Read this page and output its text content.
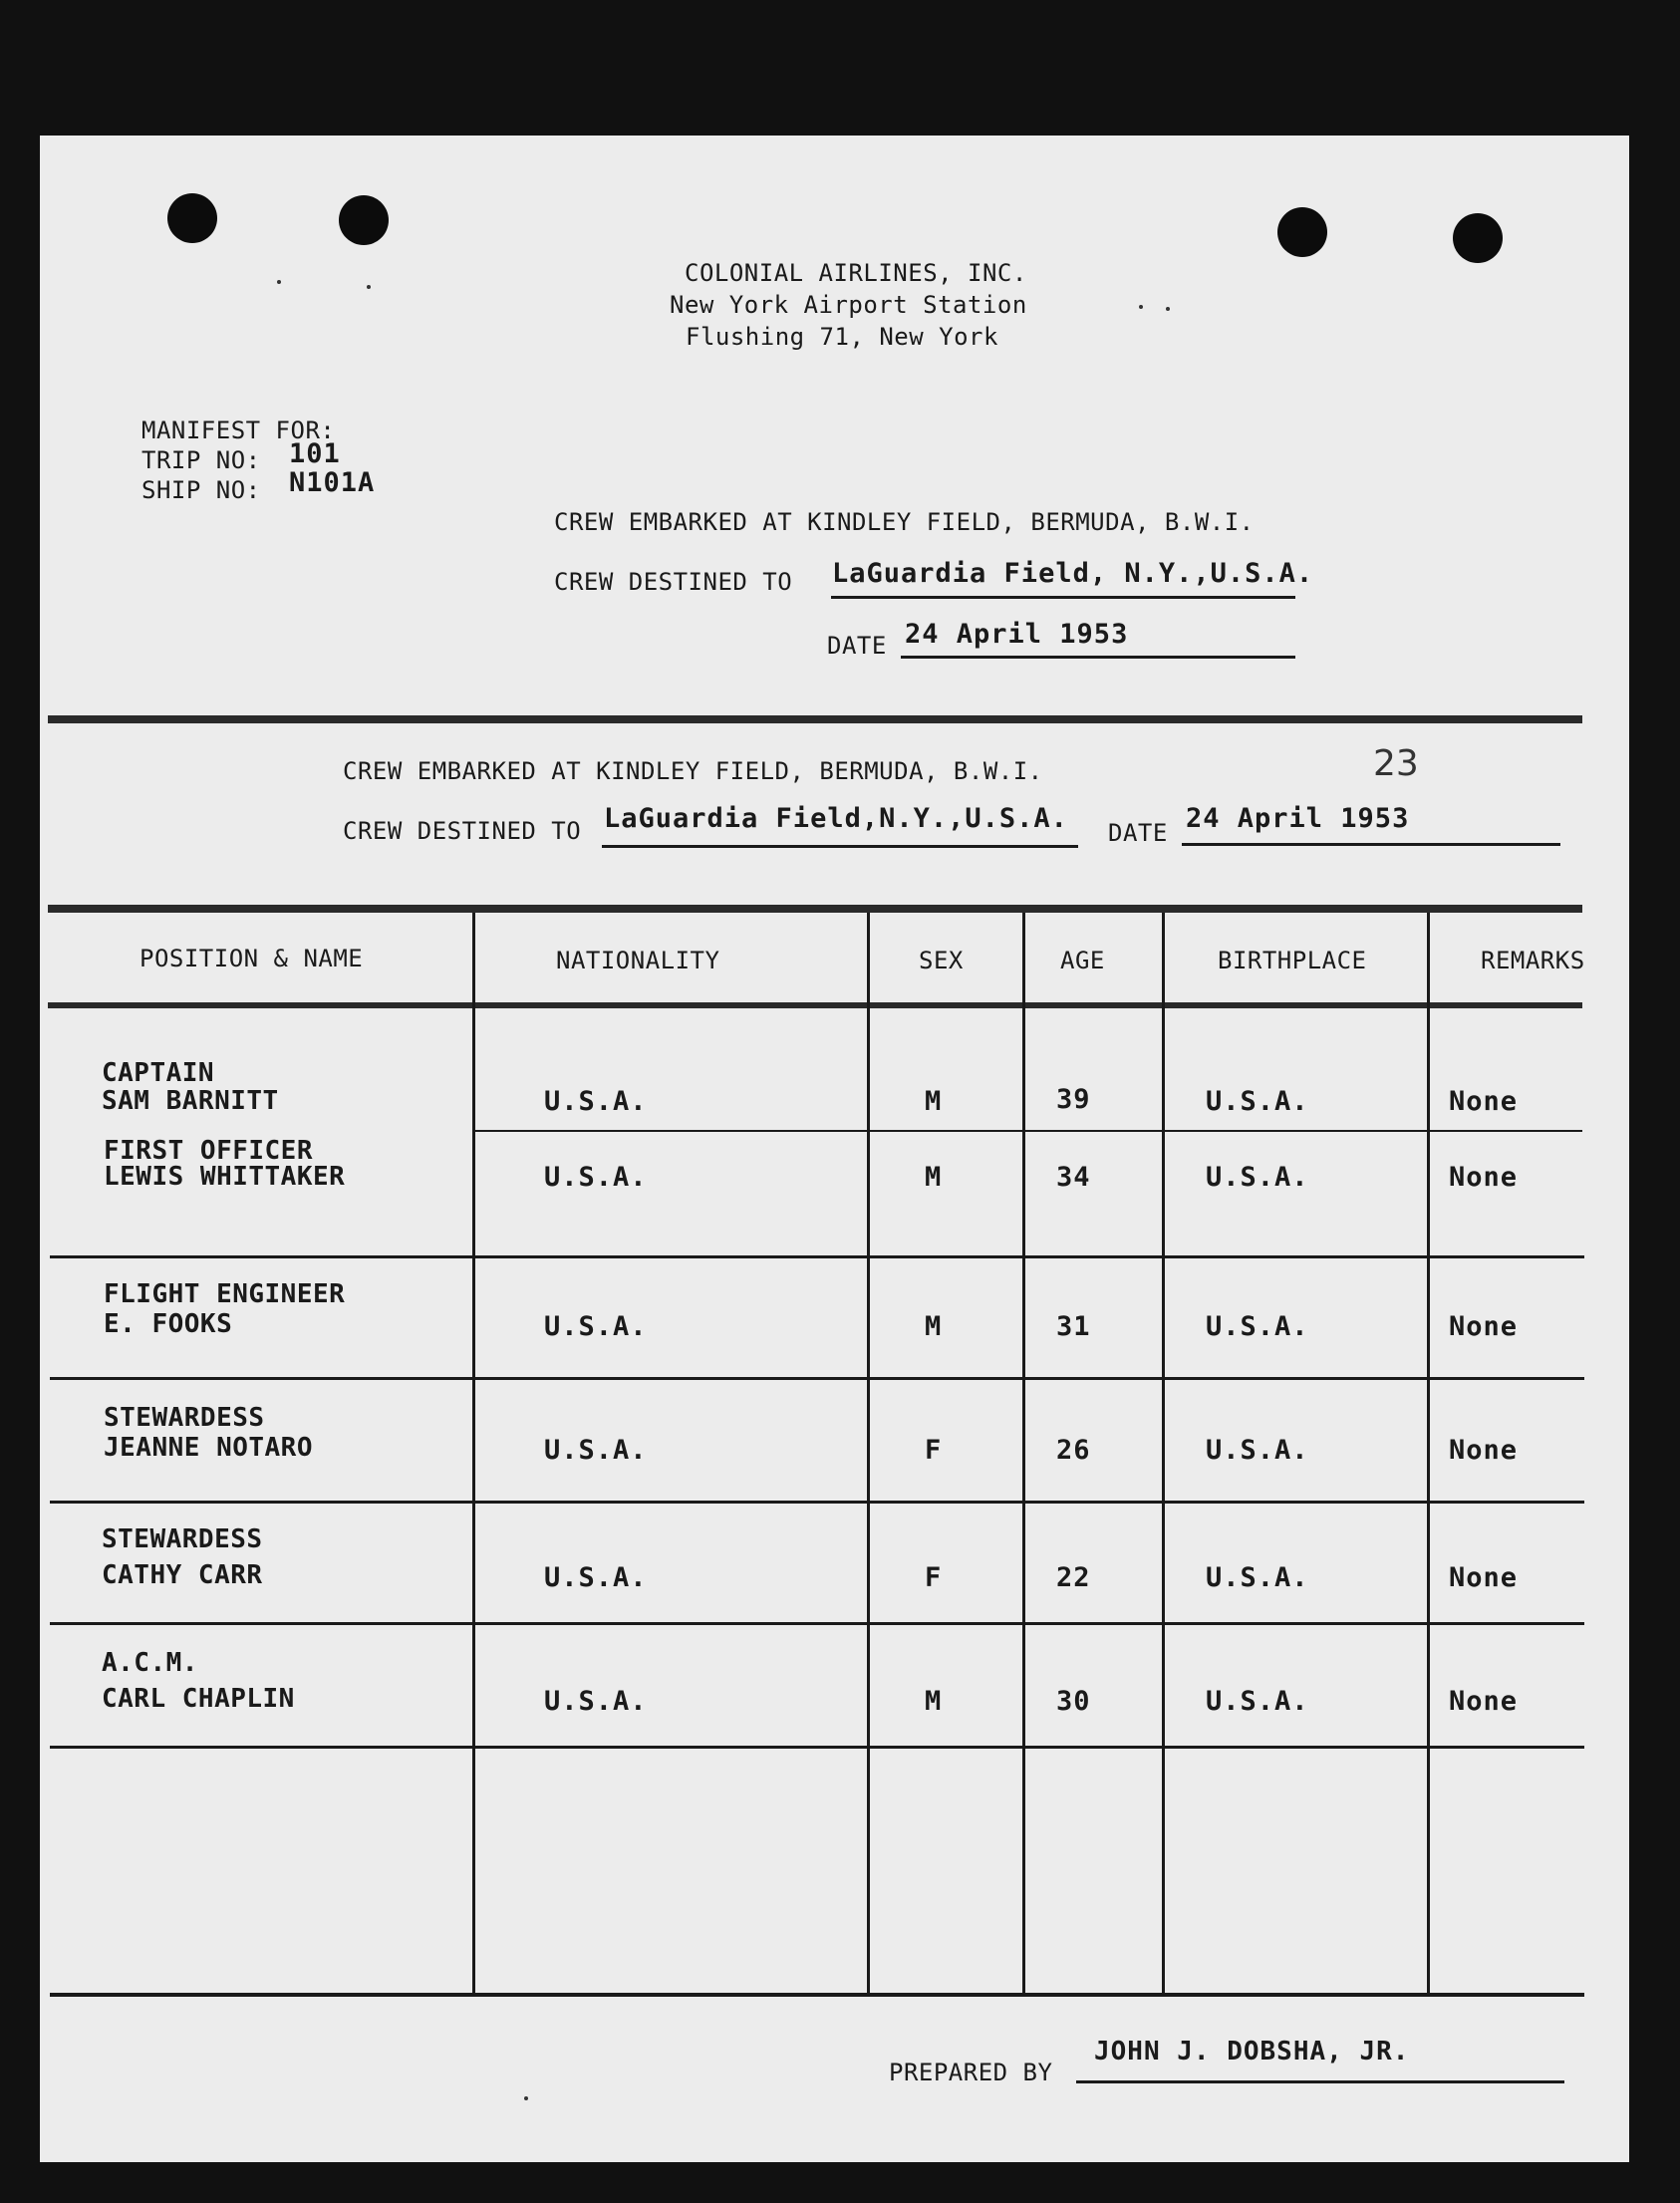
COLONIAL AIRLINES, INC.
New York Airport Station
Flushing 71, New York
MANIFEST FOR:
TRIP NO: 101
SHIP NO: N101A
CREW EMBARKED AT KINDLEY FIELD, BERMUDA, B.W.I.
CREW DESTINED TO LaGuardia Field, N.Y.,U.S.A.
DATE 24 April 1953
CREW EMBARKED AT KINDLEY FIELD, BERMUDA, B.W.I.	23
CREW DESTINED TO LaGuardia Field,N.Y.,U.S.A. DATE 24 April 1953
POSITION & NAME	NATIONALITY	SEX	AGE	BIRTHPLACE	REMARKS
CAPTAIN
SAM BARNITT	U.S.A.	M	39	U.S.A.	None
FIRST OFFICER
LEWIS WHITTAKER	U.S.A.	M	34	U.S.A.	None
FLIGHT ENGINEER
E. FOOKS	U.S.A.	M	31	U.S.A.	None
STEWARDESS
JEANNE NOTARO	U.S.A.	F	26	U.S.A.	None
STEWARDESS
CATHY CARR	U.S.A.	F	22	U.S.A.	None
A.C.M.
CARL CHAPLIN	U.S.A.	M	30	U.S.A.	None
PREPARED BY
JOHN J. DOBSHA, JR.
